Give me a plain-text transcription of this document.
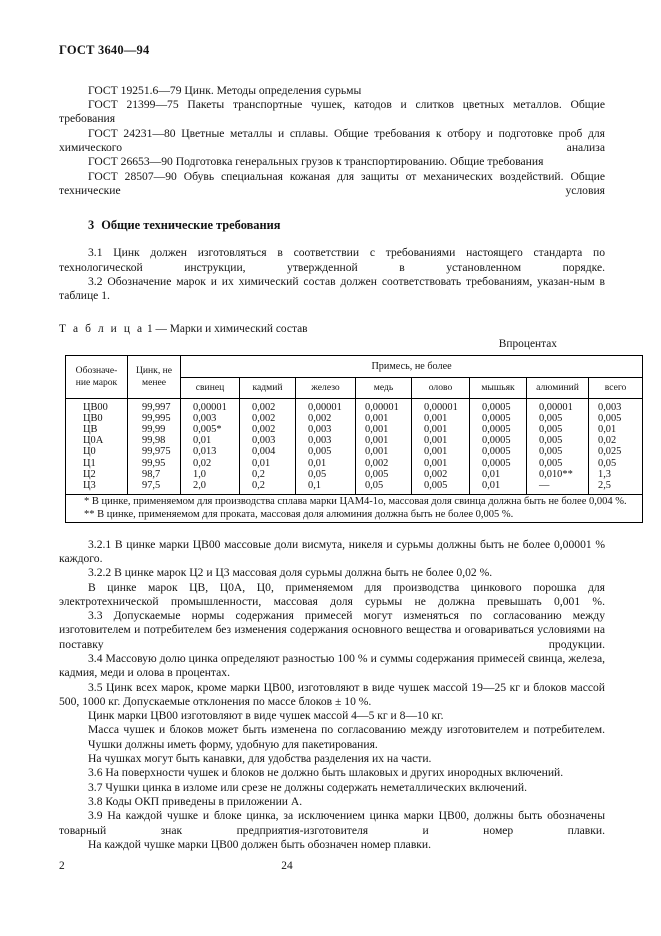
ГОСТ 3640—94

ГОСТ 19251.6—79 Цинк. Методы определения сурьмы

ГОСТ 21399—75 Пакеты транспортные чушек, катодов и слитков цветных металлов. Общие требования

ГОСТ 24231—80 Цветные металлы и сплавы. Общие требования к отбору и подготовке проб для химического анализа

ГОСТ 26653—90 Подготовка генеральных грузов к транспортированию. Общие требования

ГОСТ 28507—90 Обувь специальная кожаная для защиты от механических воздействий. Общие технические условия

3 Общие технические требования

3.1 Цинк должен изготовляться в соответствии с требованиями настоящего стандарта по технологической инструкции, утвержденной в установленном порядке.

3.2 Обозначение марок и их химический состав должен соответствовать требованиям, указан-ным в таблице 1.

Т а б л и ц а 1 — Марки и химический состав

Впроцентах
Обозначе-
ние марок	Цинк, не
менее	Примесь, не более							
		свинец	кадмий	железо	медь	олово	мышьяк	алюминий	всего
ЦВ00	99,997	0,00001	0,002	0,00001	0,00001	0,00001	0,0005	0,00001	0,003
ЦВ0	99,995	0,003	0,002	0,002	0,001	0,001	0,0005	0,005	0,005
ЦВ	99,99	0,005*	0,002	0,003	0,001	0,001	0,0005	0,005	0,01
Ц0А	99,98	0,01	0,003	0,003	0,001	0,001	0,0005	0,005	0,02
Ц0	99,975	0,013	0,004	0,005	0,001	0,001	0,0005	0,005	0,025
Ц1	99,95	0,02	0,01	0,01	0,002	0,001	0,0005	0,005	0,05
Ц2	98,7	1,0	0,2	0,05	0,005	0,002	0,01	0,010**	1,3
Ц3	97,5	2,0	0,2	0,1	0,05	0,005	0,01	—	2,5

* В цинке, применяемом для производства сплава марки ЦАМ4-1о, массовая доля свинца должна быть не более 0,004 %.

** В цинке, применяемом для проката, массовая доля алюминия должна быть не более 0,005 %.									

3.2.1 В цинке марки ЦВ00 массовые доли висмута, никеля и сурьмы должны быть не более 0,00001 % каждого.

3.2.2 В цинке марок Ц2 и Ц3 массовая доля сурьмы должна быть не более 0,02 %.

В цинке марок ЦВ, Ц0А, Ц0, применяемом для производства цинкового порошка для электротехнической промышленности, массовая доля сурьмы не должна превышать 0,001 %.

3.3 Допускаемые нормы содержания примесей могут изменяться по согласованию между изготовителем и потребителем без изменения содержания основного вещества и оговариваться условиями на поставку продукции.

3.4 Массовую долю цинка определяют разностью 100 % и суммы содержания примесей свинца, железа, кадмия, меди и олова в процентах.

3.5 Цинк всех марок, кроме марки ЦВ00, изготовляют в виде чушек массой 19—25 кг и блоков массой 500, 1000 кг. Допускаемые отклонения по массе блоков ± 10 %.

Цинк марки ЦВ00 изготовляют в виде чушек массой 4—5 кг и 8—10 кг.

Масса чушек и блоков может быть изменена по согласованию между изготовителем и потребителем.

Чушки должны иметь форму, удобную для пакетирования.

На чушках могут быть канавки, для удобства разделения их на части.

3.6 На поверхности чушек и блоков не должно быть шлаковых и других инородных включений.

3.7 Чушки цинка в изломе или срезе не должны содержать неметаллических включений.

3.8 Коды ОКП приведены в приложении А.

3.9 На каждой чушке и блоке цинка, за исключением цинка марки ЦВ00, должны быть обозначены товарный знак предприятия-изготовителя и номер плавки.

На каждой чушке марки ЦВ00 должен быть обозначен номер плавки.

2	24
